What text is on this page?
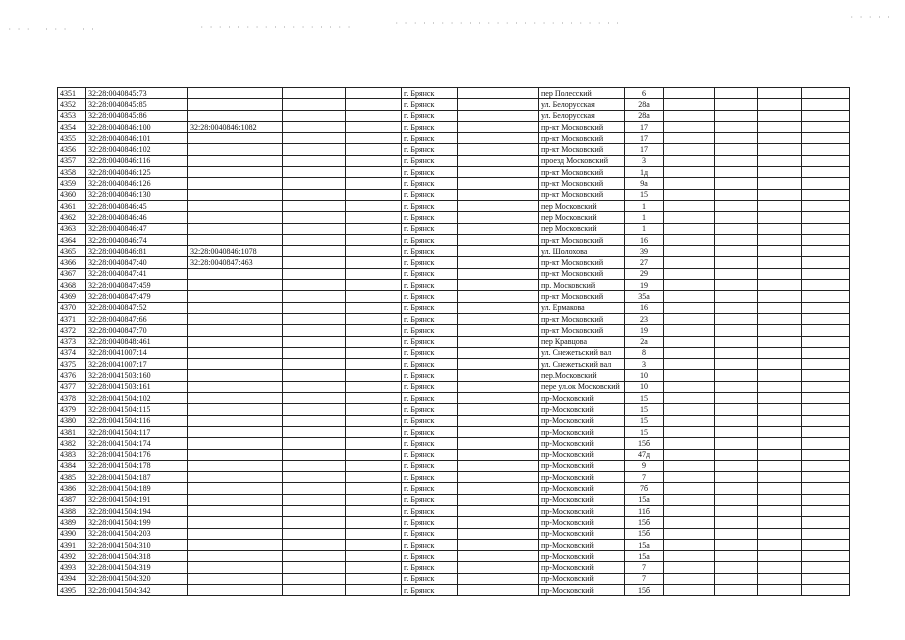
· · ·   · · ·   · ·	· · · · · · · · · · · · · · · · ·
· · · · · · · · · · · · · · · · · · · · · · · · ·
· · · · ·
4351	32:28:0040845:73				г. Брянск		пер Полесский	6				
4352	32:28:0040845:85				г. Брянск		ул. Белорусская	28а				
4353	32:28:0040845:86				г. Брянск		ул. Белорусская	28а				
4354	32:28:0040846:100	32:28:0040846:1082			г. Брянск		пр-кт Московский	17				
4355	32:28:0040846:101				г. Брянск		пр-кт Московский	17				
4356	32:28:0040846:102				г. Брянск		пр-кт Московский	17				
4357	32:28:0040846:116				г. Брянск		проезд Московский	3				
4358	32:28:0040846:125				г. Брянск		пр-кт Московский	1д				
4359	32:28:0040846:126				г. Брянск		пр-кт Московский	9а				
4360	32:28:0040846:130				г. Брянск		пр-кт Московский	15				
4361	32:28:0040846:45				г. Брянск		пер Московский	1				
4362	32:28:0040846:46				г. Брянск		пер Московский	1				
4363	32:28:0040846:47				г. Брянск		пер Московский	1				
4364	32:28:0040846:74				г. Брянск		пр-кт Московский	16				
4365	32:28:0040846:81	32:28:0040846:1078			г. Брянск		ул. Шолохова	39				
4366	32:28:0040847:40	32:28:0040847:463			г. Брянск		пр-кт Московский	27				
4367	32:28:0040847:41				г. Брянск		пр-кт Московский	29				
4368	32:28:0040847:459				г. Брянск		пр. Московский	19				
4369	32:28:0040847:479				г. Брянск		пр-кт Московский	35а				
4370	32:28:0040847:52				г. Брянск		ул. Ермакова	16				
4371	32:28:0040847:66				г. Брянск		пр-кт Московский	23				
4372	32:28:0040847:70				г. Брянск		пр-кт Московский	19				
4373	32:28:0040848:461				г. Брянск		пер Кравцова	2а				
4374	32:28:0041007:14				г. Брянск		ул. Снежетьский вал	8				
4375	32:28:0041007:17				г. Брянск		ул. Снежетьский вал	3				
4376	32:28:0041503:160				г. Брянск		пер.Московский	10				
4377	32:28:0041503:161				г. Брянск		пере ул.ок Московский	10				
4378	32:28:0041504:102				г. Брянск		пр-Московский	15				
4379	32:28:0041504:115				г. Брянск		пр-Московский	15				
4380	32:28:0041504:116				г. Брянск		пр-Московский	15				
4381	32:28:0041504:117				г. Брянск		пр-Московский	15				
4382	32:28:0041504:174				г. Брянск		пр-Московский	15б				
4383	32:28:0041504:176				г. Брянск		пр-Московский	47д				
4384	32:28:0041504:178				г. Брянск		пр-Московский	9				
4385	32:28:0041504:187				г. Брянск		пр-Московский	7				
4386	32:28:0041504:189				г. Брянск		пр-Московский	7б				
4387	32:28:0041504:191				г. Брянск		пр-Московский	15а				
4388	32:28:0041504:194				г. Брянск		пр-Московский	11б				
4389	32:28:0041504:199				г. Брянск		пр-Московский	15б				
4390	32:28:0041504:203				г. Брянск		пр-Московский	15б				
4391	32:28:0041504:310				г. Брянск		пр-Московский	15а				
4392	32:28:0041504:318				г. Брянск		пр-Московский	15а				
4393	32:28:0041504:319				г. Брянск		пр-Московский	7				
4394	32:28:0041504:320				г. Брянск		пр-Московский	7				
4395	32:28:0041504:342				г. Брянск		пр-Московский	15б				
